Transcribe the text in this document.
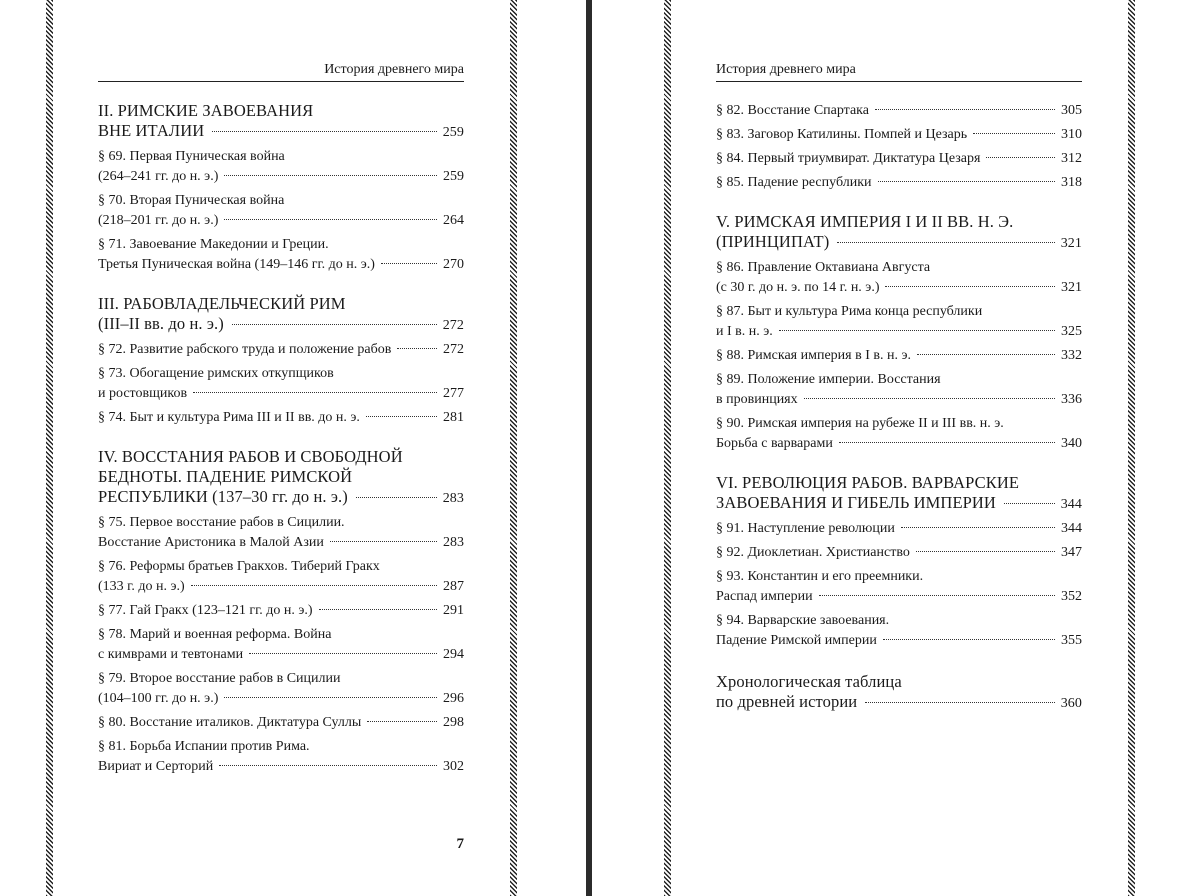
История древнего мира
II. РИМСКИЕ ЗАВОЕВАНИЯ
ВНЕ ИТАЛИИ	259
§ 69. Первая Пуническая война
(264–241 гг. до н. э.)	259
§ 70. Вторая Пуническая война
(218–201 гг. до н. э.)	264
§ 71. Завоевание Македонии и Греции.
Третья Пуническая война (149–146 гг. до н. э.)	270
III. РАБОВЛАДЕЛЬЧЕСКИЙ РИМ
(III–II вв. до н. э.)	272
§ 72. Развитие рабского труда и положение рабов	272
§ 73. Обогащение римских откупщиков
и ростовщиков	277
§ 74. Быт и культура Рима III и II вв. до н. э.	281
IV. ВОССТАНИЯ РАБОВ И СВОБОДНОЙ
БЕДНОТЫ. ПАДЕНИЕ РИМСКОЙ
РЕСПУБЛИКИ (137–30 гг. до н. э.)	283
§ 75. Первое восстание рабов в Сицилии.
Восстание Аристоника в Малой Азии	283
§ 76. Реформы братьев Гракхов. Тиберий Гракх
(133 г. до н. э.)	287
§ 77. Гай Гракх (123–121 гг. до н. э.)	291
§ 78. Марий и военная реформа. Война
с кимврами и тевтонами	294
§ 79. Второе восстание рабов в Сицилии
(104–100 гг. до н. э.)	296
§ 80. Восстание италиков. Диктатура Суллы	298
§ 81. Борьба Испании против Рима.
Вириат и Серторий	302
7
История древнего мира
§ 82. Восстание Спартака	305
§ 83. Заговор Катилины. Помпей и Цезарь	310
§ 84. Первый триумвират. Диктатура Цезаря	312
§ 85. Падение республики	318
V. РИМСКАЯ ИМПЕРИЯ I И II ВВ. Н. Э.
(ПРИНЦИПАТ)	321
§ 86. Правление Октавиана Августа
(с 30 г. до н. э. по 14 г. н. э.)	321
§ 87. Быт и культура Рима конца республики
и I в. н. э.	325
§ 88. Римская империя в I в. н. э.	332
§ 89. Положение империи. Восстания
в провинциях	336
§ 90. Римская империя на рубеже II и III вв. н. э.
Борьба с варварами	340
VI. РЕВОЛЮЦИЯ РАБОВ. ВАРВАРСКИЕ
ЗАВОЕВАНИЯ И ГИБЕЛЬ ИМПЕРИИ	344
§ 91. Наступление революции	344
§ 92. Диоклетиан. Христианство	347
§ 93. Константин и его преемники.
Распад империи	352
§ 94. Варварские завоевания.
Падение Римской империи	355
Хронологическая таблица
по древней истории	360
